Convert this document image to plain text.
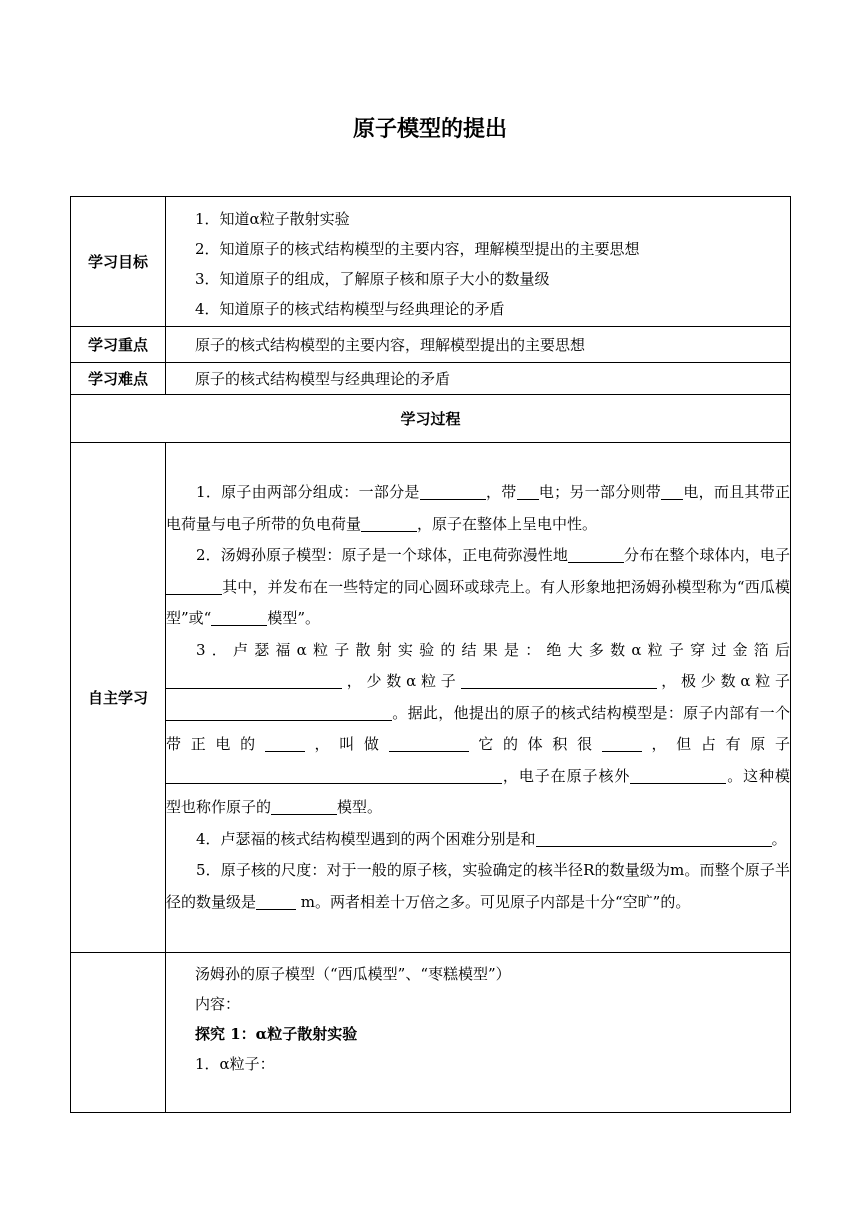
原子模型的提出
学习目标	1．知道α粒子散射实验
2．知道原子的核式结构模型的主要内容，理解模型提出的主要思想
3．知道原子的组成，了解原子核和原子大小的数量级
4．知道原子的核式结构模型与经典理论的矛盾

学习重点	原子的核式结构模型的主要内容，理解模型提出的主要思想

学习难点	原子的核式结构模型与经典理论的矛盾

学习过程	
自主学习	1．原子由两部分组成：一部分是 ，带 电；另一部分则带 电，而且其带正电荷量与电子所带的负电荷量 ，原子在整体上呈电中性。

2．汤姆孙原子模型：原子是一个球体，正电荷弥漫性地 分布在整个球体内，电子其中，并发布在一些特定的同心圆环或球壳上。有人形象地把汤姆孙模型称为“西瓜模型”或“ 模型”。

3．卢瑟福α粒子散射实验的结果是：绝大多数α粒子穿过金箔后，少数α粒子 ，极少数α粒子。据此，他提出的原子的核式结构模型是：原子内部有一个带正电的 ，叫做 它的体积很 ，但占有原子，电子在原子核外 。这种模型也称作原子的 模型。

4．卢瑟福的核式结构模型遇到的两个困难分别是和 。

5．原子核的尺度：对于一般的原子核，实验确定的核半径R的数量级为m。而整个原子半径的数量级是 m。两者相差十万倍之多。可见原子内部是十分“空旷”的。

	汤姆孙的原子模型（“西瓜模型”、“枣糕模型”）
内容：
探究 1：α粒子散射实验
1．α粒子：
